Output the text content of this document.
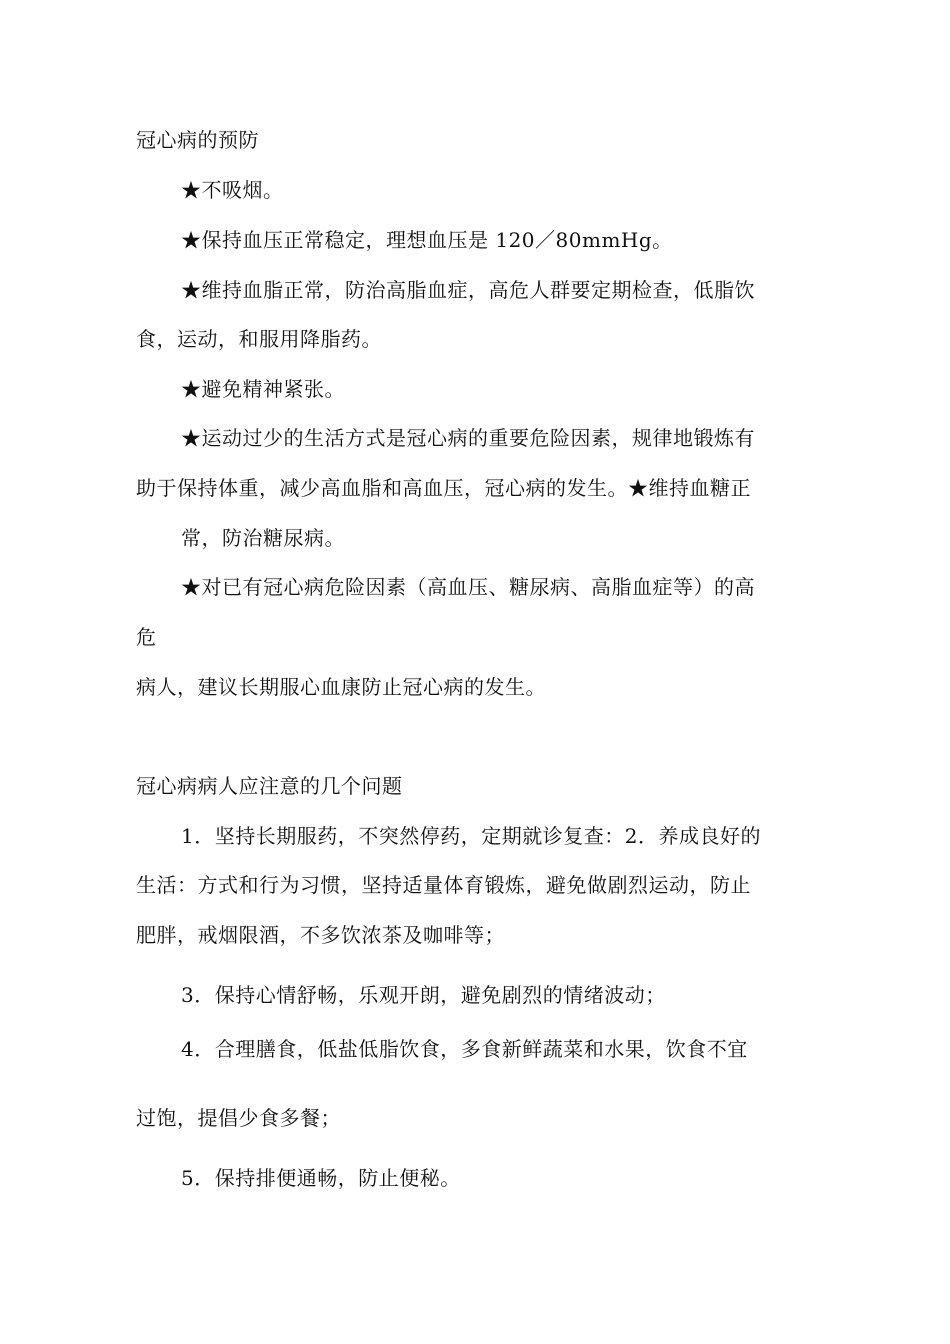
冠心病的预防
★不吸烟。
★保持血压正常稳定，理想血压是 120／80mmHg。
★维持血脂正常，防治高脂血症，高危人群要定期检查，低脂饮
食，运动，和服用降脂药。
★避免精神紧张。
★运动过少的生活方式是冠心病的重要危险因素，规律地锻炼有
助于保持体重，减少高血脂和高血压，冠心病的发生。★维持血糖正
常，防治糖尿病。
★对已有冠心病危险因素（高血压、糖尿病、高脂血症等）的高
危
病人，建议长期服心血康防止冠心病的发生。
冠心病病人应注意的几个问题
1．坚持长期服药，不突然停药，定期就诊复查：2．养成良好的
生活：方式和行为习惯，坚持适量体育锻炼，避免做剧烈运动，防止
肥胖，戒烟限酒，不多饮浓茶及咖啡等；
3．保持心情舒畅，乐观开朗，避免剧烈的情绪波动；
4．合理膳食，低盐低脂饮食，多食新鲜蔬菜和水果，饮食不宜
过饱，提倡少食多餐；
5．保持排便通畅，防止便秘。
